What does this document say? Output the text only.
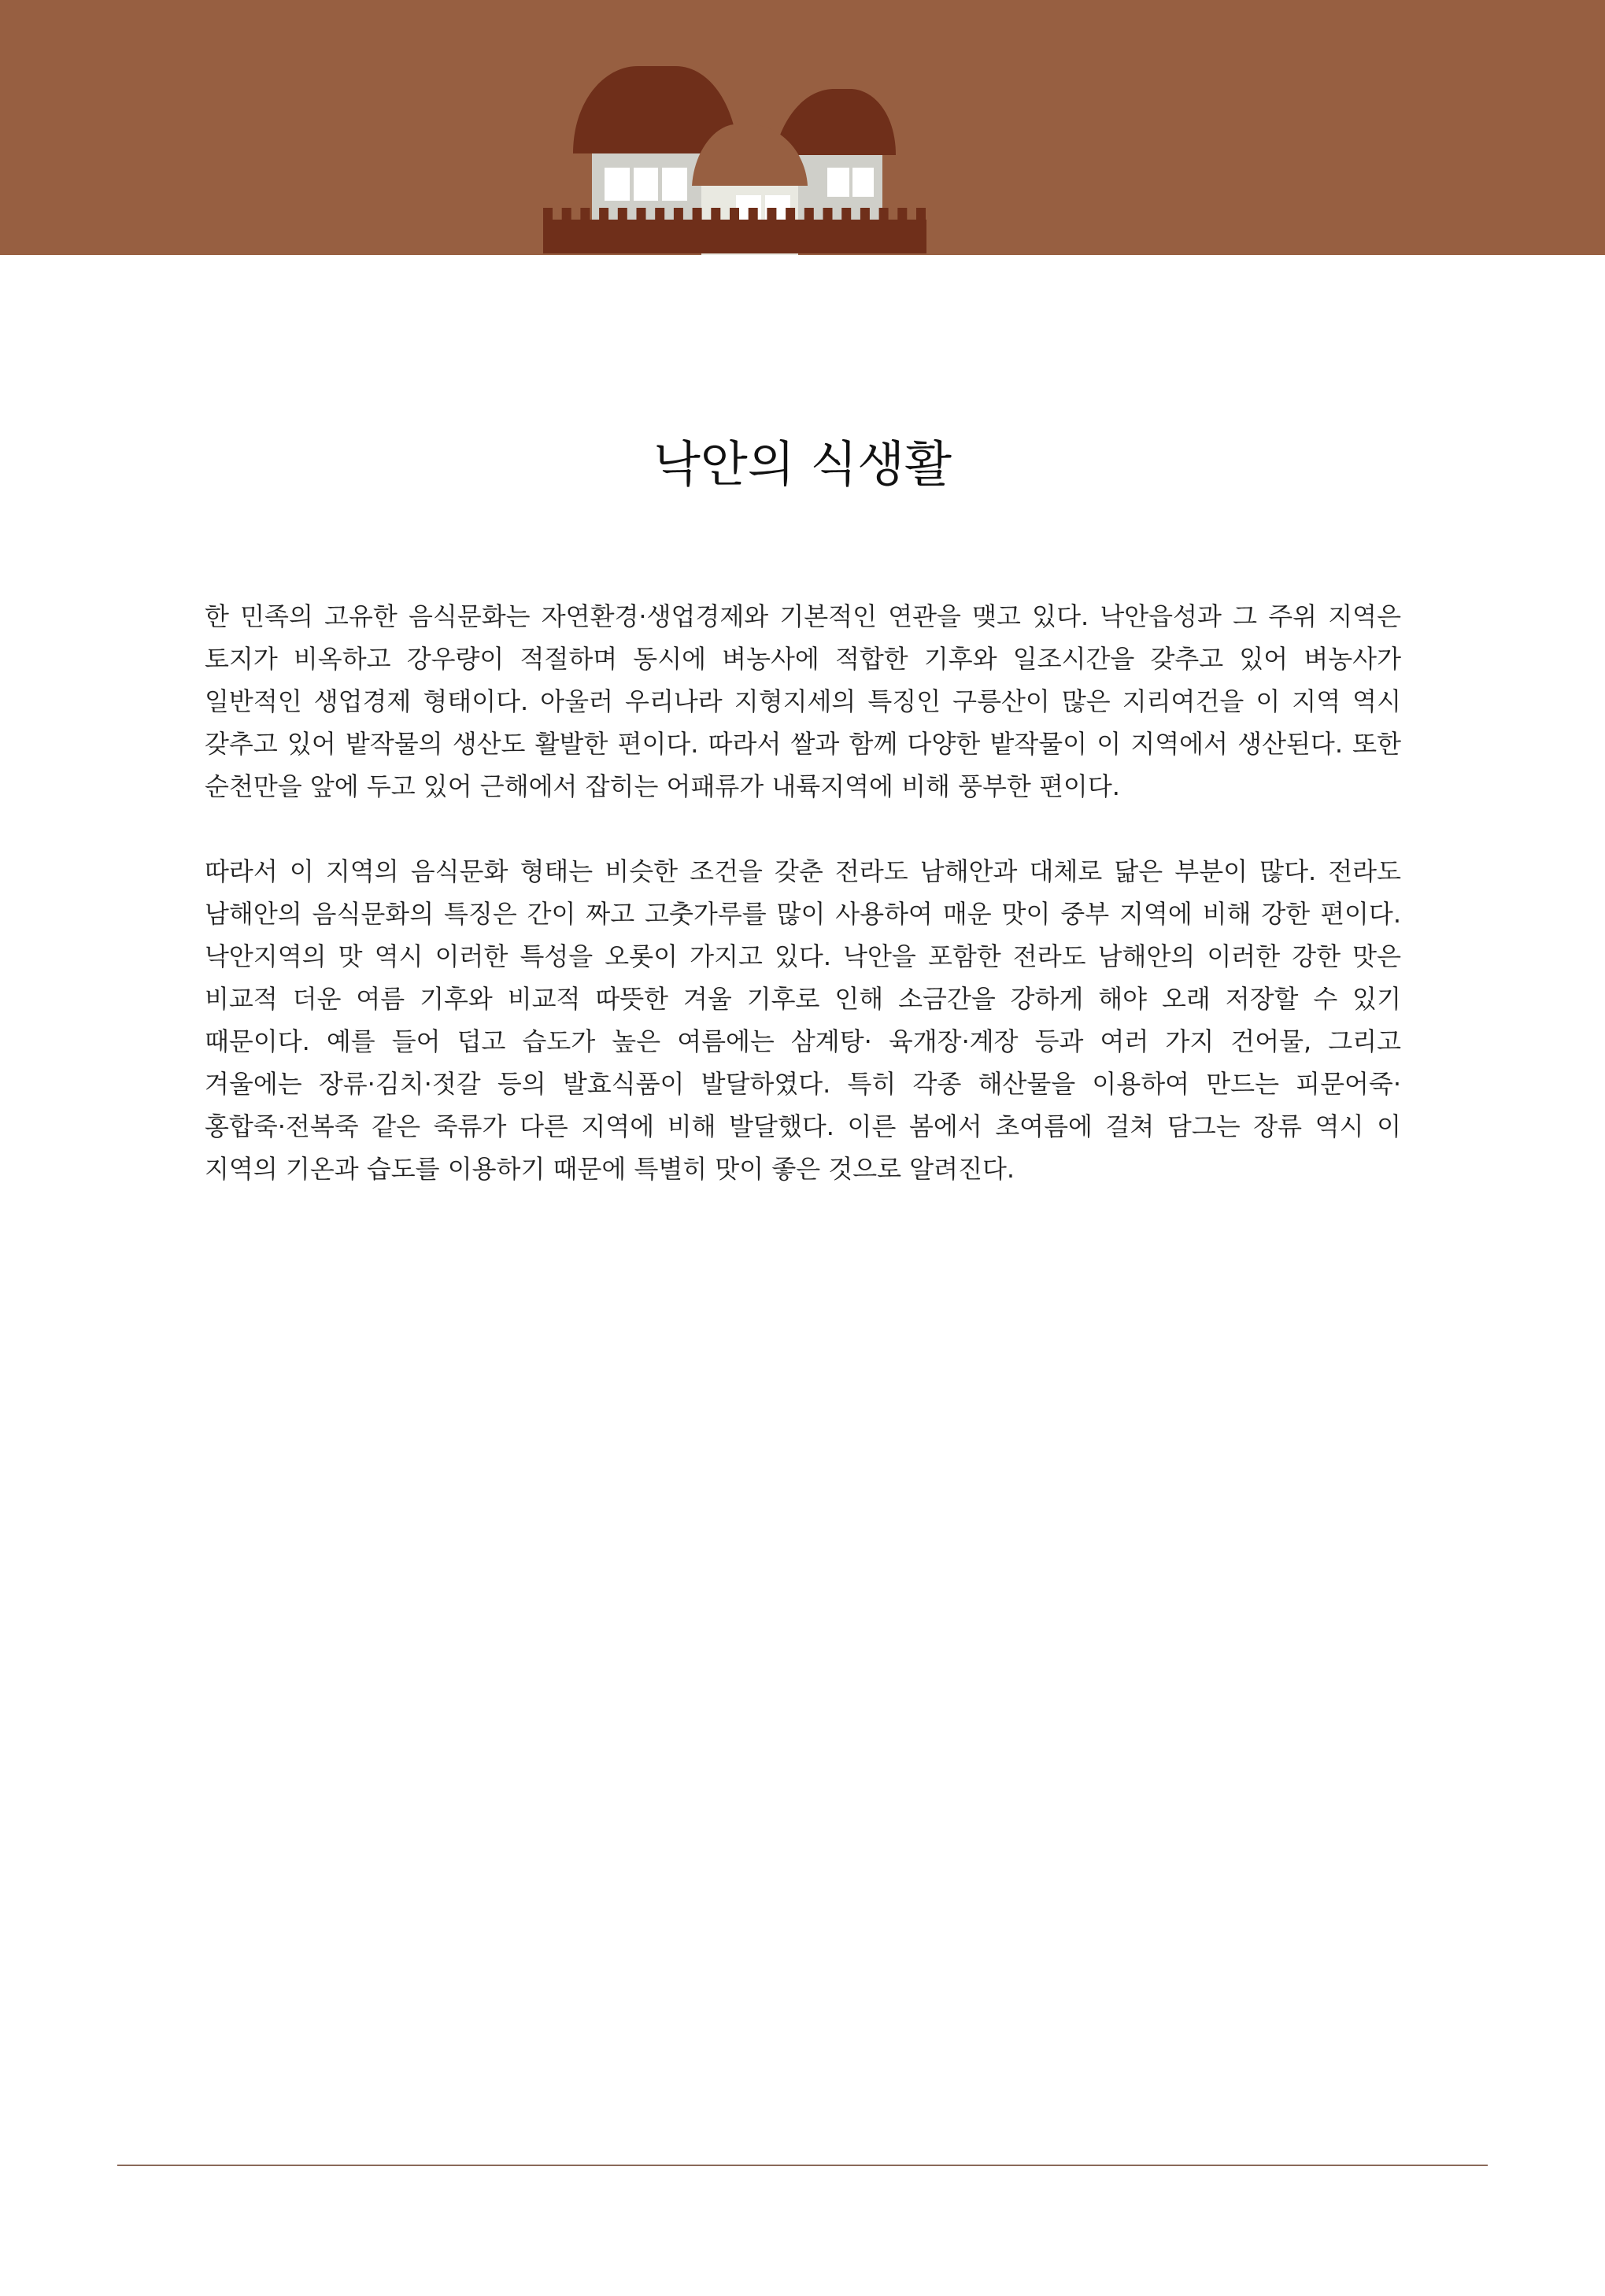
낙안의 식생활

한 민족의 고유한 음식문화는 자연환경·생업경제와 기본적인 연관을 맺고 있다. 낙안읍성과 그 주위 지역은
토지가 비옥하고 강우량이 적절하며 동시에 벼농사에 적합한 기후와 일조시간을 갖추고 있어 벼농사가
일반적인 생업경제 형태이다. 아울러 우리나라 지형지세의 특징인 구릉산이 많은 지리여건을 이 지역 역시
갖추고 있어 밭작물의 생산도 활발한 편이다. 따라서 쌀과 함께 다양한 밭작물이 이 지역에서 생산된다. 또한
순천만을 앞에 두고 있어 근해에서 잡히는 어패류가 내륙지역에 비해 풍부한 편이다.

따라서 이 지역의 음식문화 형태는 비슷한 조건을 갖춘 전라도 남해안과 대체로 닮은 부분이 많다. 전라도
남해안의 음식문화의 특징은 간이 짜고 고춧가루를 많이 사용하여 매운 맛이 중부 지역에 비해 강한 편이다.
낙안지역의 맛 역시 이러한 특성을 오롯이 가지고 있다. 낙안을 포함한 전라도 남해안의 이러한 강한 맛은
비교적 더운 여름 기후와 비교적 따뜻한 겨울 기후로 인해 소금간을 강하게 해야 오래 저장할 수 있기
때문이다. 예를 들어 덥고 습도가 높은 여름에는 삼계탕· 육개장·계장 등과 여러 가지 건어물, 그리고
겨울에는 장류·김치·젓갈 등의 발효식품이 발달하였다. 특히 각종 해산물을 이용하여 만드는 피문어죽·
홍합죽·전복죽 같은 죽류가 다른 지역에 비해 발달했다. 이른 봄에서 초여름에 걸쳐 담그는 장류 역시 이
지역의 기온과 습도를 이용하기 때문에 특별히 맛이 좋은 것으로 알려진다.
